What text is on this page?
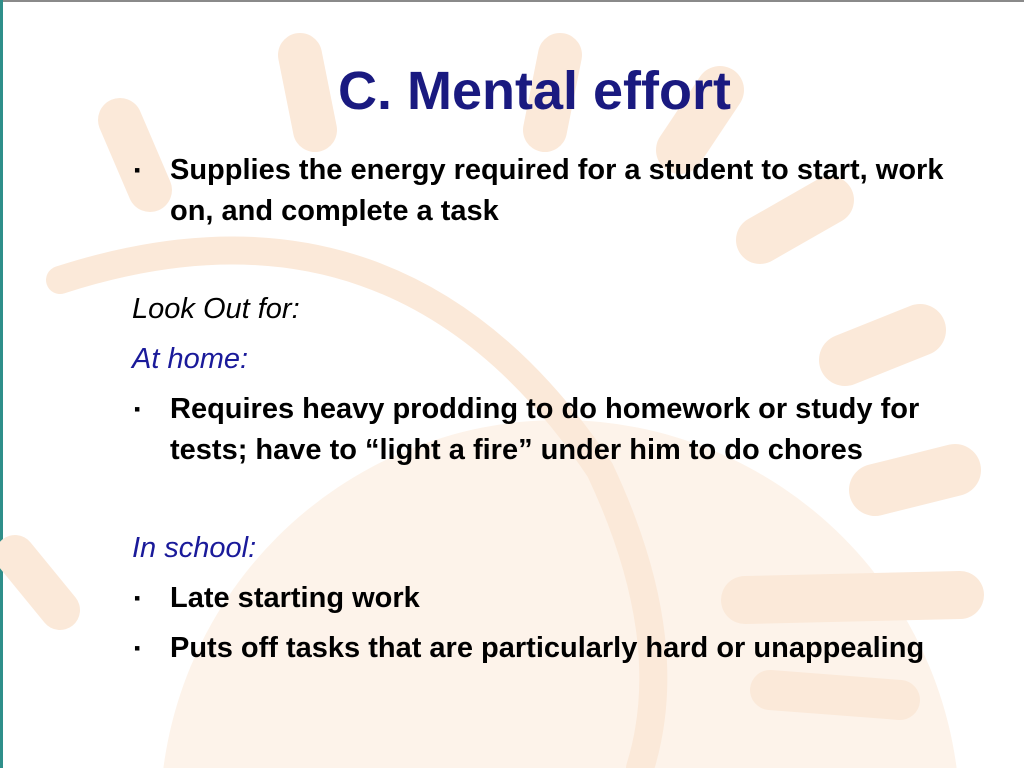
C. Mental effort
▪ Supplies the energy required for a student to start, work on, and complete a task
Look Out for:
At home:
▪ Requires heavy prodding to do homework or study for tests; have to “light a fire” under him to do chores
In school:
▪ Late starting work
▪ Puts off tasks that are particularly hard or unappealing
